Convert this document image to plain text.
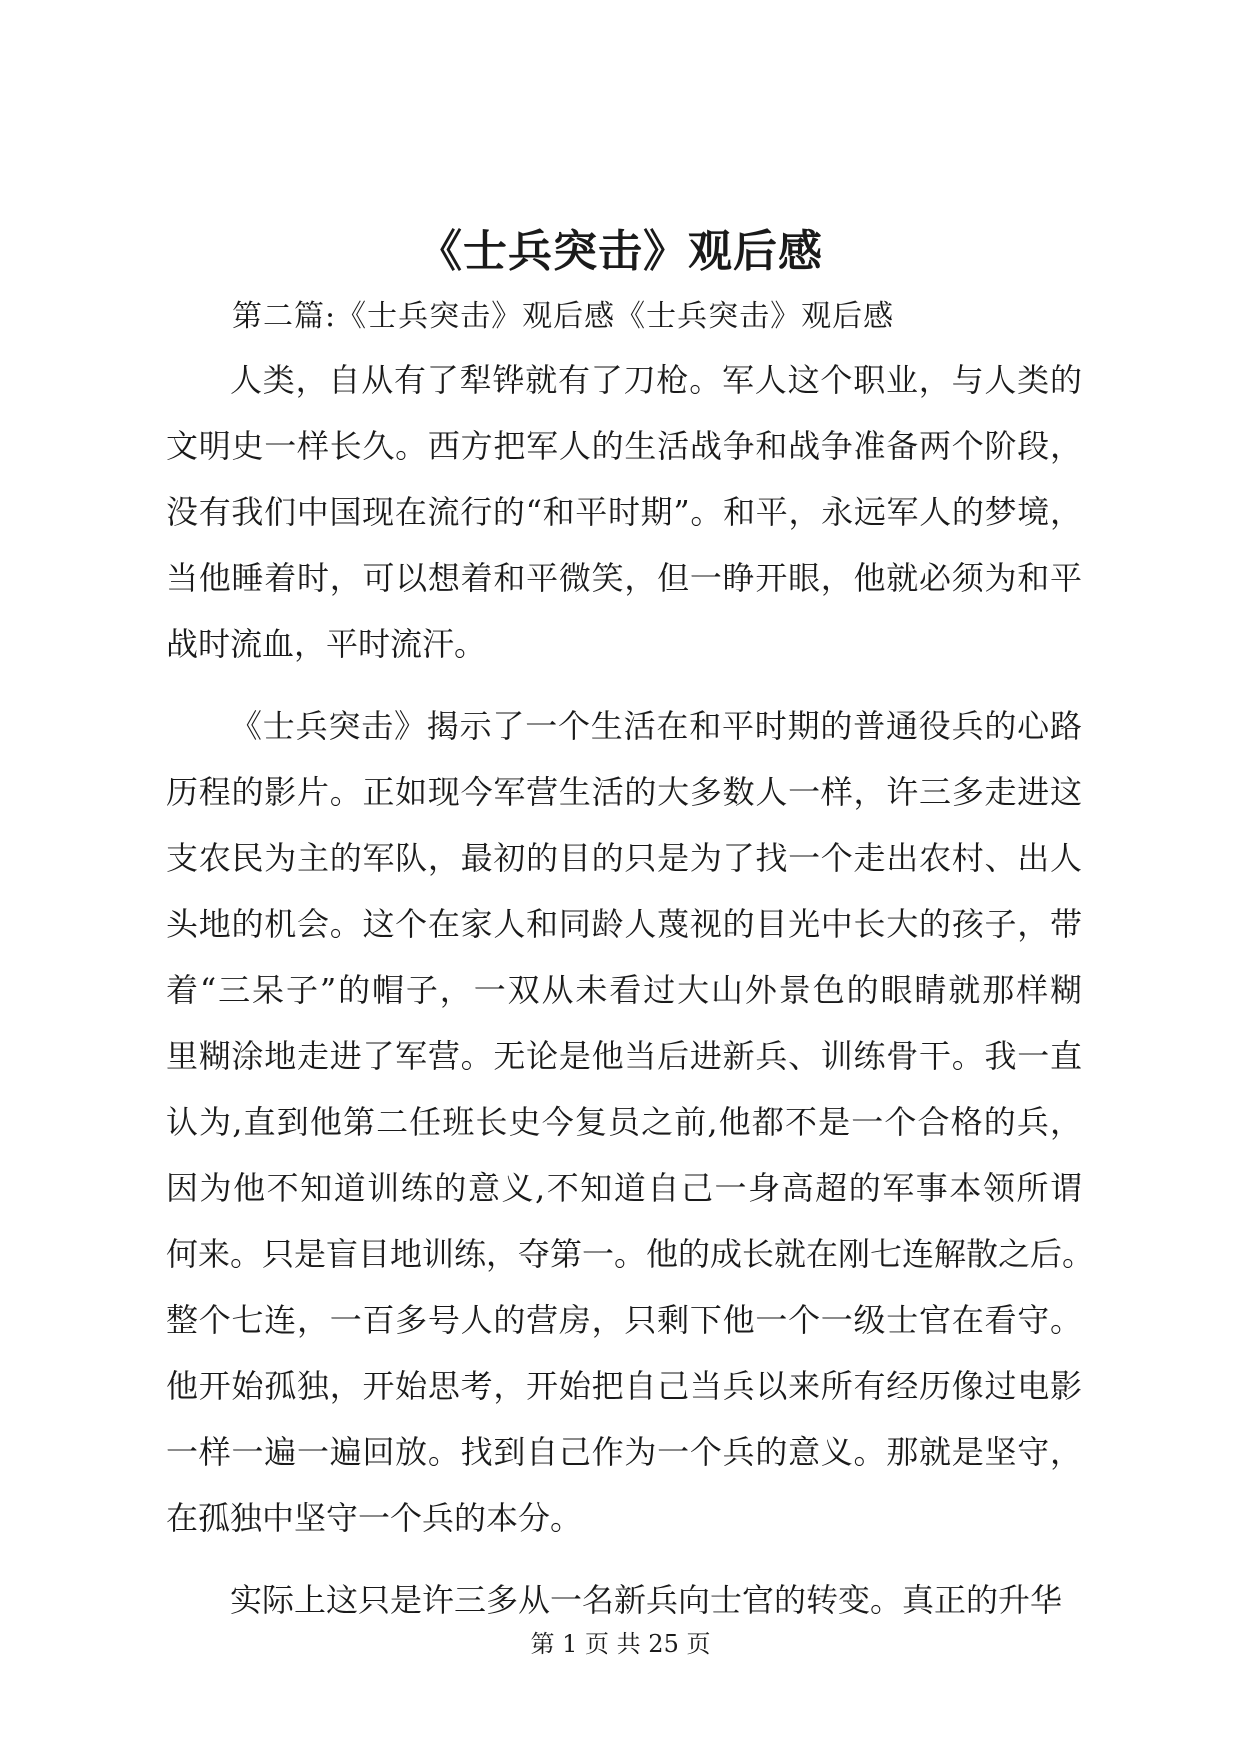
《士兵突击》观后感
第二篇:《士兵突击》观后感《士兵突击》观后感
人类，自从有了犁铧就有了刀枪。军人这个职业，与人类的
文明史一样长久。西方把军人的生活战争和战争准备两个阶段，
没有我们中国现在流行的“和平时期”。和平，永远军人的梦境，
当他睡着时，可以想着和平微笑，但一睁开眼，他就必须为和平
战时流血，平时流汗。
《士兵突击》揭示了一个生活在和平时期的普通役兵的心路
历程的影片。正如现今军营生活的大多数人一样，许三多走进这
支农民为主的军队，最初的目的只是为了找一个走出农村、出人
头地的机会。这个在家人和同龄人蔑视的目光中长大的孩子，带
着“三呆子”的帽子，一双从未看过大山外景色的眼睛就那样糊
里糊涂地走进了军营。无论是他当后进新兵、训练骨干。我一直
认为,直到他第二任班长史今复员之前,他都不是一个合格的兵，
因为他不知道训练的意义,不知道自己一身高超的军事本领所谓
何来。只是盲目地训练，夺第一。他的成长就在刚七连解散之后。
整个七连，一百多号人的营房，只剩下他一个一级士官在看守。
他开始孤独，开始思考，开始把自己当兵以来所有经历像过电影
一样一遍一遍回放。找到自己作为一个兵的意义。那就是坚守，
在孤独中坚守一个兵的本分。
实际上这只是许三多从一名新兵向士官的转变。真正的升华
第 1 页 共 25 页
